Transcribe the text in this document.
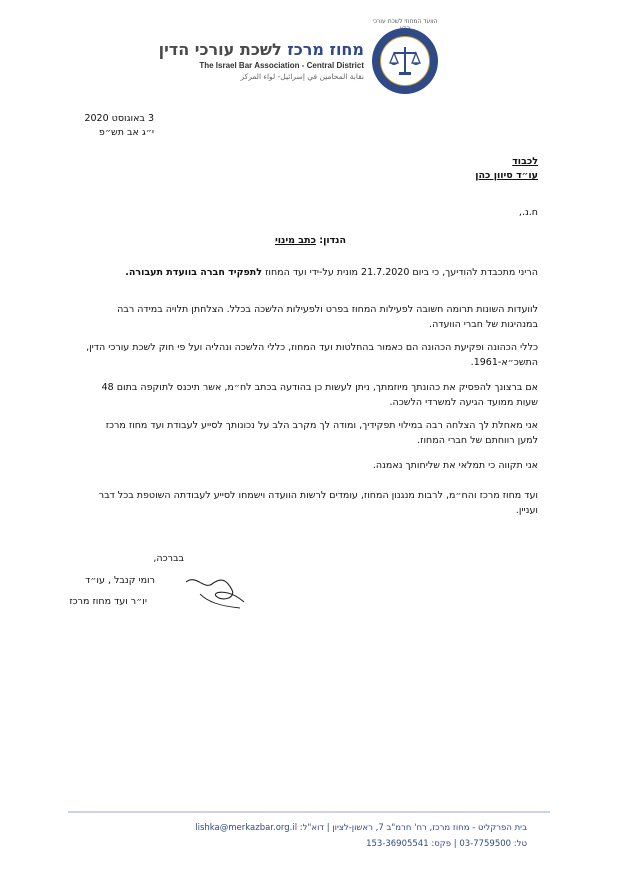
הוועד המחוזי לשכת עורכי
מחוז מרכז לשכת עורכי הדין
The Israel Bar Association - Central District
نقابة المحامين في إسرائيل- لواء المركز
3 באוגוסט 2020
י״ג אב תש״פ
לכבוד
עו״ד סיוון כהן
ח.נ.,
הנדון: כתב מינוי
הריני מתכבדת להודיעך, כי ביום 21.7.2020 מונית על-ידי ועד המחוז לתפקיד חברה בוועדת תעבורה.
לוועדות השונות תרומה חשובה לפעילות המחוז בפרט ולפעילות הלשכה בכלל. הצלחתן תלויה במידה רבה במנהיגות של חברי הוועדה.
כללי הכהונה ופקיעת הכהונה הם כאמור בהחלטות ועד המחוז, כללי הלשכה ונהליה ועל פי חוק לשכת עורכי הדין, התשכ״א-1961.
אם ברצונך להפסיק את כהונתך מיוזמתך, ניתן לעשות כן בהודעה בכתב לח״מ, אשר תיכנס לתוקפה בתום 48 שעות ממועד הגיעה למשרדי הלשכה.
אני מאחלת לך הצלחה רבה במילוי תפקידיך, ומודה לך מקרב הלב על נכונותך לסייע לעבודת ועד מחוז מרכז למען רווחתם של חברי המחוז.
אני תקווה כי תמלאי את שליחותך נאמנה.
ועד מחוז מרכז והח״מ, לרבות מנגנון המחוז, עומדים לרשות הוועדה וישמחו לסייע לעבודתה השוטפת בכל דבר ועניין.
בברכה,
רומי קנבל , עו״ד
יו״ר ועד מחוז מרכז
בית הפרקליט - מחוז מרכז, רח' חרמ"ב 7, ראשון-לציון | דוא"ל: lishka@merkazbar.org.il
טל: 03-7759500 | פקס: 153-36905541
